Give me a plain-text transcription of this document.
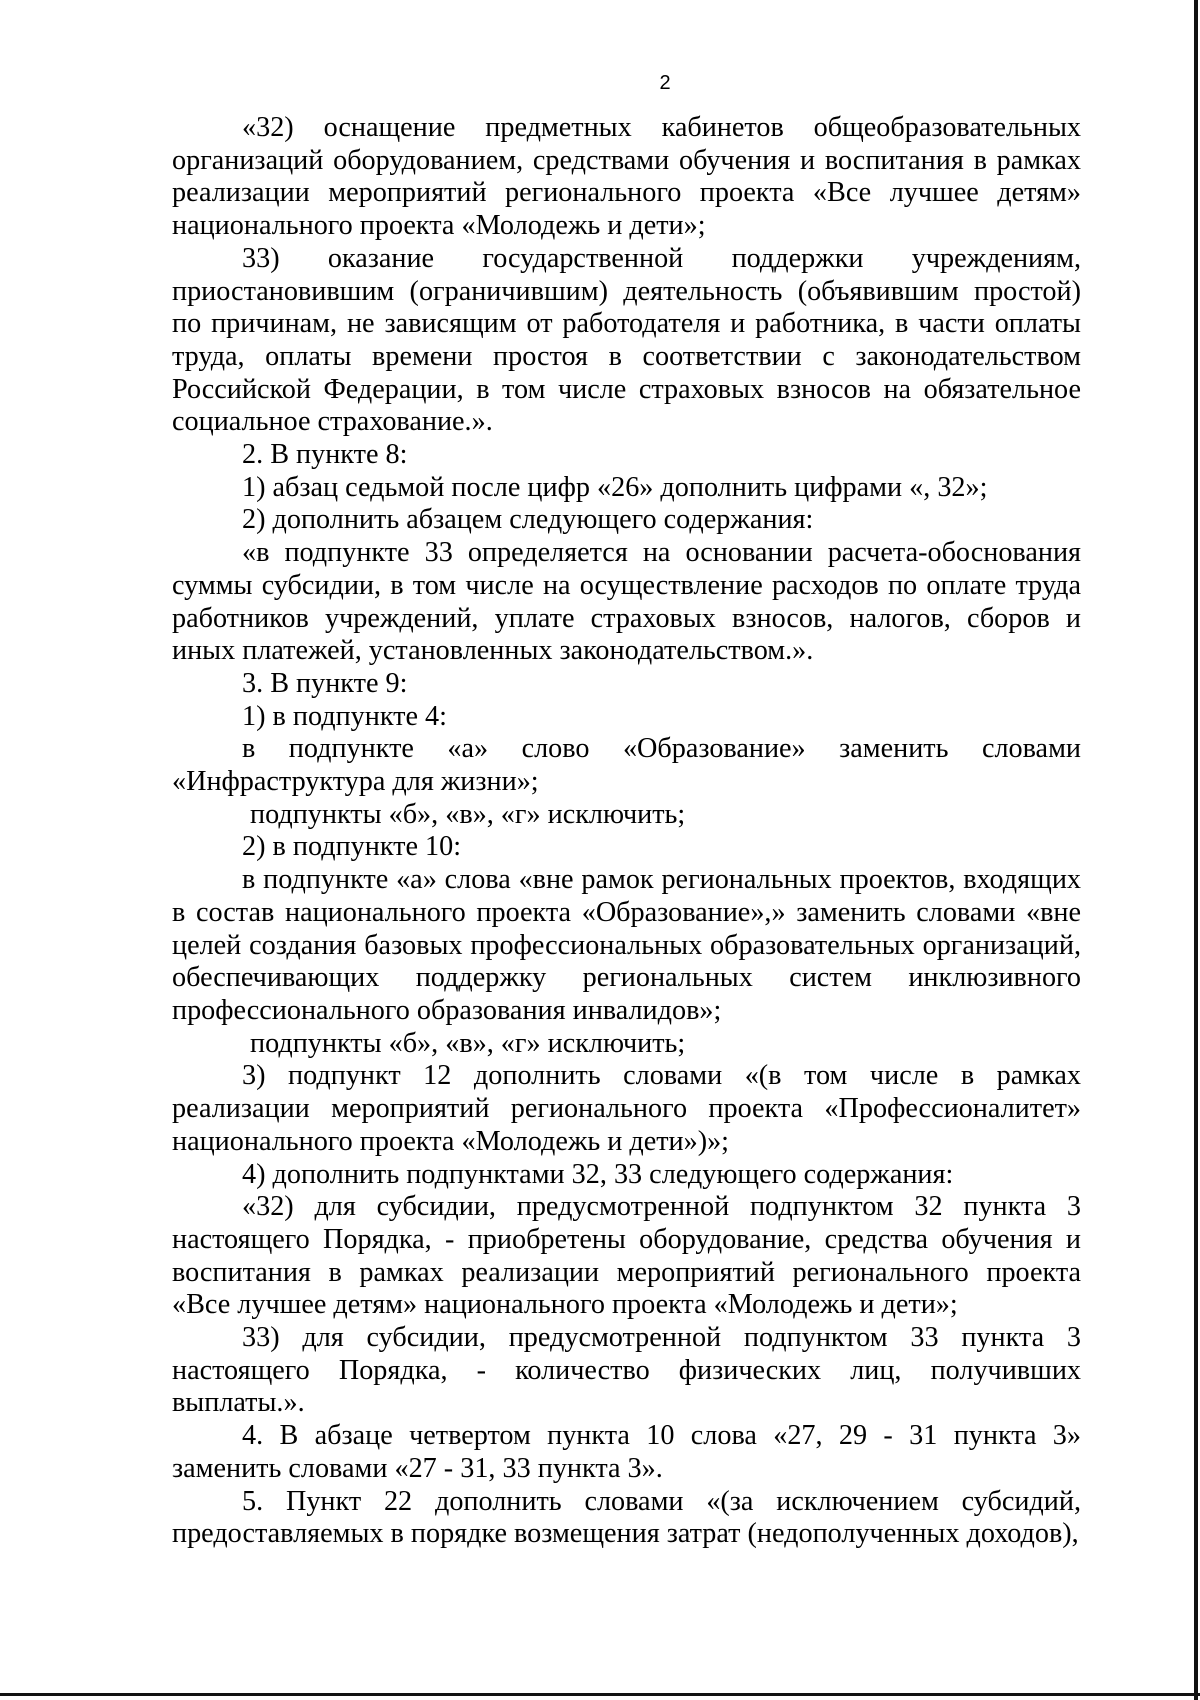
2

«32) оснащение предметных кабинетов общеобразовательных организаций оборудованием, средствами обучения и воспитания в рамках реализации мероприятий регионального проекта «Все лучшее детям» национального проекта «Молодежь и дети»;

33) оказание государственной поддержки учреждениям, приостановившим (ограничившим) деятельность (объявившим простой) по причинам, не зависящим от работодателя и работника, в части оплаты труда, оплаты времени простоя в соответствии с законодательством Российской Федерации, в том числе страховых взносов на обязательное социальное страхование.».

2. В пункте 8:

1) абзац седьмой после цифр «26» дополнить цифрами «, 32»;

2) дополнить абзацем следующего содержания:

«в подпункте 33 определяется на основании расчета-обоснования суммы субсидии, в том числе на осуществление расходов по оплате труда работников учреждений, уплате страховых взносов, налогов, сборов и иных платежей, установленных законодательством.».

3. В пункте 9:

1) в подпункте 4:

в подпункте «а» слово «Образование» заменить словами «Инфраструктура для жизни»;

подпункты «б», «в», «г» исключить;

2) в подпункте 10:

в подпункте «а» слова «вне рамок региональных проектов, входящих в состав национального проекта «Образование»,» заменить словами «вне целей создания базовых профессиональных образовательных организаций, обеспечивающих поддержку региональных систем инклюзивного профессионального образования инвалидов»;

подпункты «б», «в», «г» исключить;

3) подпункт 12 дополнить словами «(в том числе в рамках реализации мероприятий регионального проекта «Профессионалитет» национального проекта «Молодежь и дети»)»;

4) дополнить подпунктами 32, 33 следующего содержания:

«32) для субсидии, предусмотренной подпунктом 32 пункта 3 настоящего Порядка, - приобретены оборудование, средства обучения и воспитания в рамках реализации мероприятий регионального проекта «Все лучшее детям» национального проекта «Молодежь и дети»;

33) для субсидии, предусмотренной подпунктом 33 пункта 3 настоящего Порядка, - количество физических лиц, получивших выплаты.».

4. В абзаце четвертом пункта 10 слова «27, 29 - 31 пункта 3» заменить словами «27 - 31, 33 пункта 3».

5. Пункт 22 дополнить словами «(за исключением субсидий, предоставляемых в порядке возмещения затрат (недополученных доходов),
